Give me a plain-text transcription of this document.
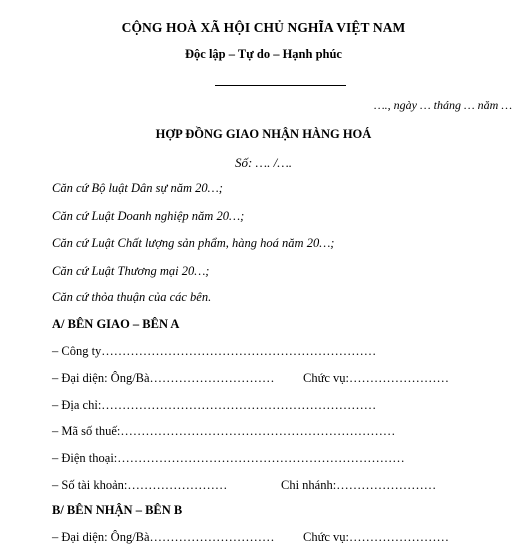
CỘNG HOÀ XÃ HỘI CHỦ NGHĨA VIỆT NAM
Độc lập – Tự do – Hạnh phúc
…., ngày … tháng … năm …
HỢP ĐỒNG GIAO NHẬN HÀNG HOÁ
Số: …. /….
Căn cứ Bộ luật Dân sự năm 20…;
Căn cứ Luật Doanh nghiệp năm 20…;
Căn cứ Luật Chất lượng sản phẩm, hàng hoá năm 20…;
Căn cứ Luật Thương mại 20…;
Căn cứ thỏa thuận của các bên.
A/ BÊN GIAO – BÊN A
– Công ty…………………………………………………………
– Đại diện: Ông/Bà………………………… Chức vụ:……………………
– Địa chỉ:…………………………………………………………
– Mã số thuế:…………………………………………………………
– Điện thoại:……………………………………………………………
– Số tài khoản:……………………	Chi nhánh:……………………
B/ BÊN NHẬN – BÊN B
– Đại diện: Ông/Bà………………………… Chức vụ:……………………
